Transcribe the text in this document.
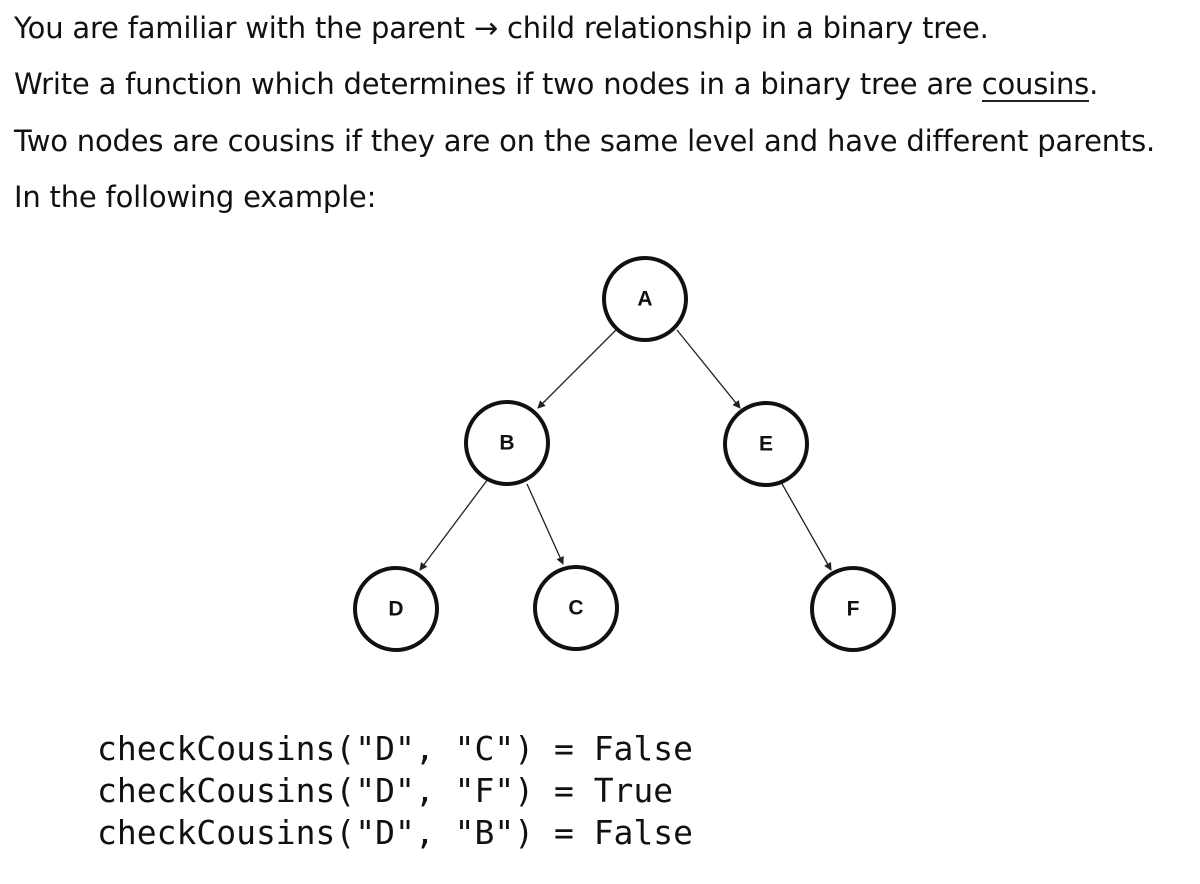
You are familiar with the parent → child relationship in a binary tree.
Write a function which determines if two nodes in a binary tree are cousins.
Two nodes are cousins if they are on the same level and have different parents.
In the following example:
A
B	E
D	C	F
checkCousins("D", "C") = False
checkCousins("D", "F") = True
checkCousins("D", "B") = False
